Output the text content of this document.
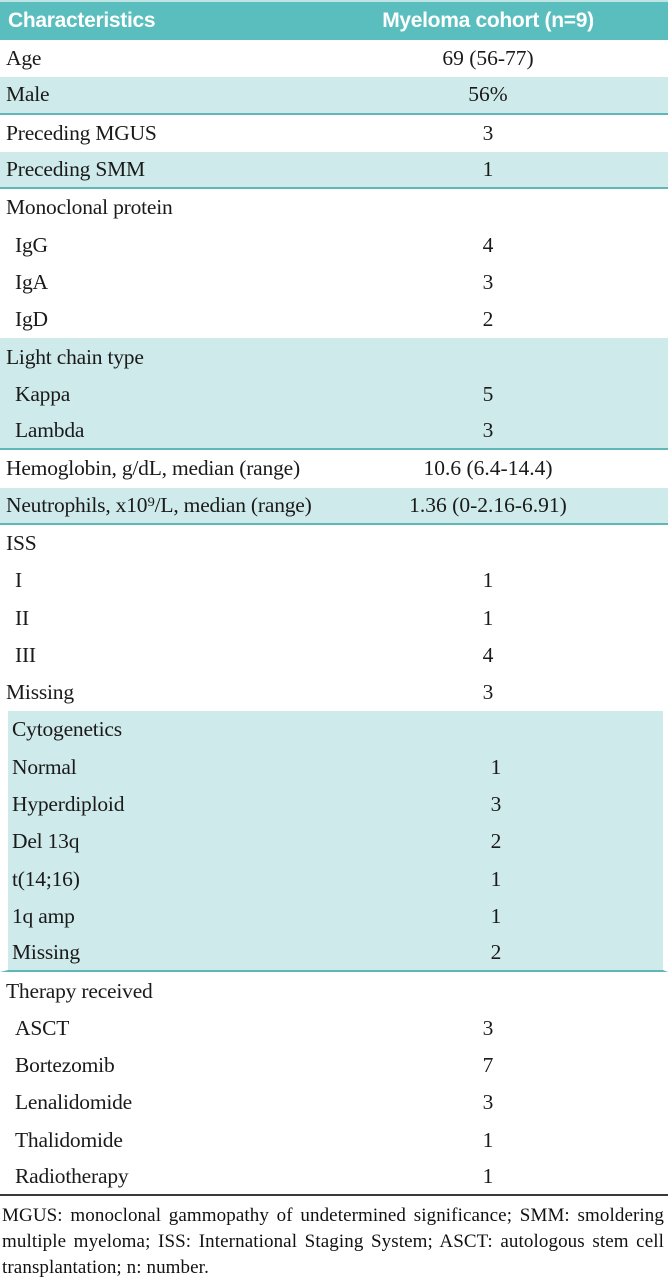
Characteristics	Myeloma cohort (n=9)
Age	69 (56-77)
Male	56%
Preceding MGUS	3
Preceding SMM	1
Monoclonal protein
IgG	4
IgA	3
IgD	2
Light chain type
Kappa	5
Lambda	3
Hemoglobin, g/dL, median (range)	10.6 (6.4-14.4)
Neutrophils, x10⁹/L, median (range)	1.36 (0-2.16-6.91)
ISS
I	1
II	1
III	4
Missing	3
Cytogenetics
Normal	1
Hyperdiploid	3
Del 13q	2
t(14;16)	1
1q amp	1
Missing	2
Therapy received
ASCT	3
Bortezomib	7
Lenalidomide	3
Thalidomide	1
Radiotherapy	1
MGUS: monoclonal gammopathy of undetermined significance; SMM: smoldering multiple myeloma; ISS: International Staging System; ASCT: autologous stem cell transplantation; n: number.
